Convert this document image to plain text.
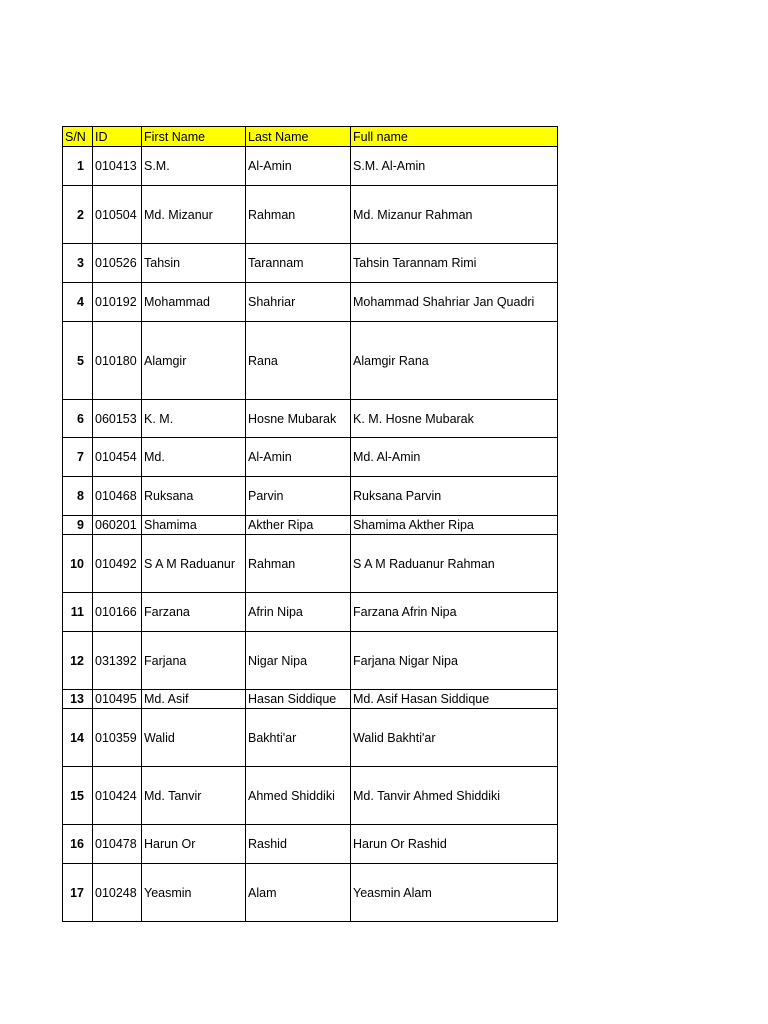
S/N	ID	First Name	Last Name	Full name
1	010413	S.M.	Al-Amin	S.M. Al-Amin
2	010504	Md. Mizanur	Rahman	Md. Mizanur Rahman
3	010526	Tahsin	Tarannam	Tahsin Tarannam Rimi
4	010192	Mohammad	Shahriar	Mohammad Shahriar Jan Quadri
5	010180	Alamgir	Rana	Alamgir Rana
6	060153	K. M.	Hosne Mubarak	K. M. Hosne Mubarak
7	010454	Md.	Al-Amin	Md. Al-Amin
8	010468	Ruksana	Parvin	Ruksana Parvin
9	060201	Shamima	Akther Ripa	Shamima Akther Ripa
10	010492	S A M Raduanur	Rahman	S A M Raduanur Rahman
11	010166	Farzana	Afrin Nipa	Farzana Afrin Nipa
12	031392	Farjana	Nigar Nipa	Farjana Nigar Nipa
13	010495	Md. Asif	Hasan Siddique	Md. Asif Hasan Siddique
14	010359	Walid	Bakhti'ar	Walid Bakhti'ar
15	010424	Md. Tanvir	Ahmed Shiddiki	Md. Tanvir Ahmed Shiddiki
16	010478	Harun Or	Rashid	Harun Or Rashid
17	010248	Yeasmin	Alam	Yeasmin Alam
